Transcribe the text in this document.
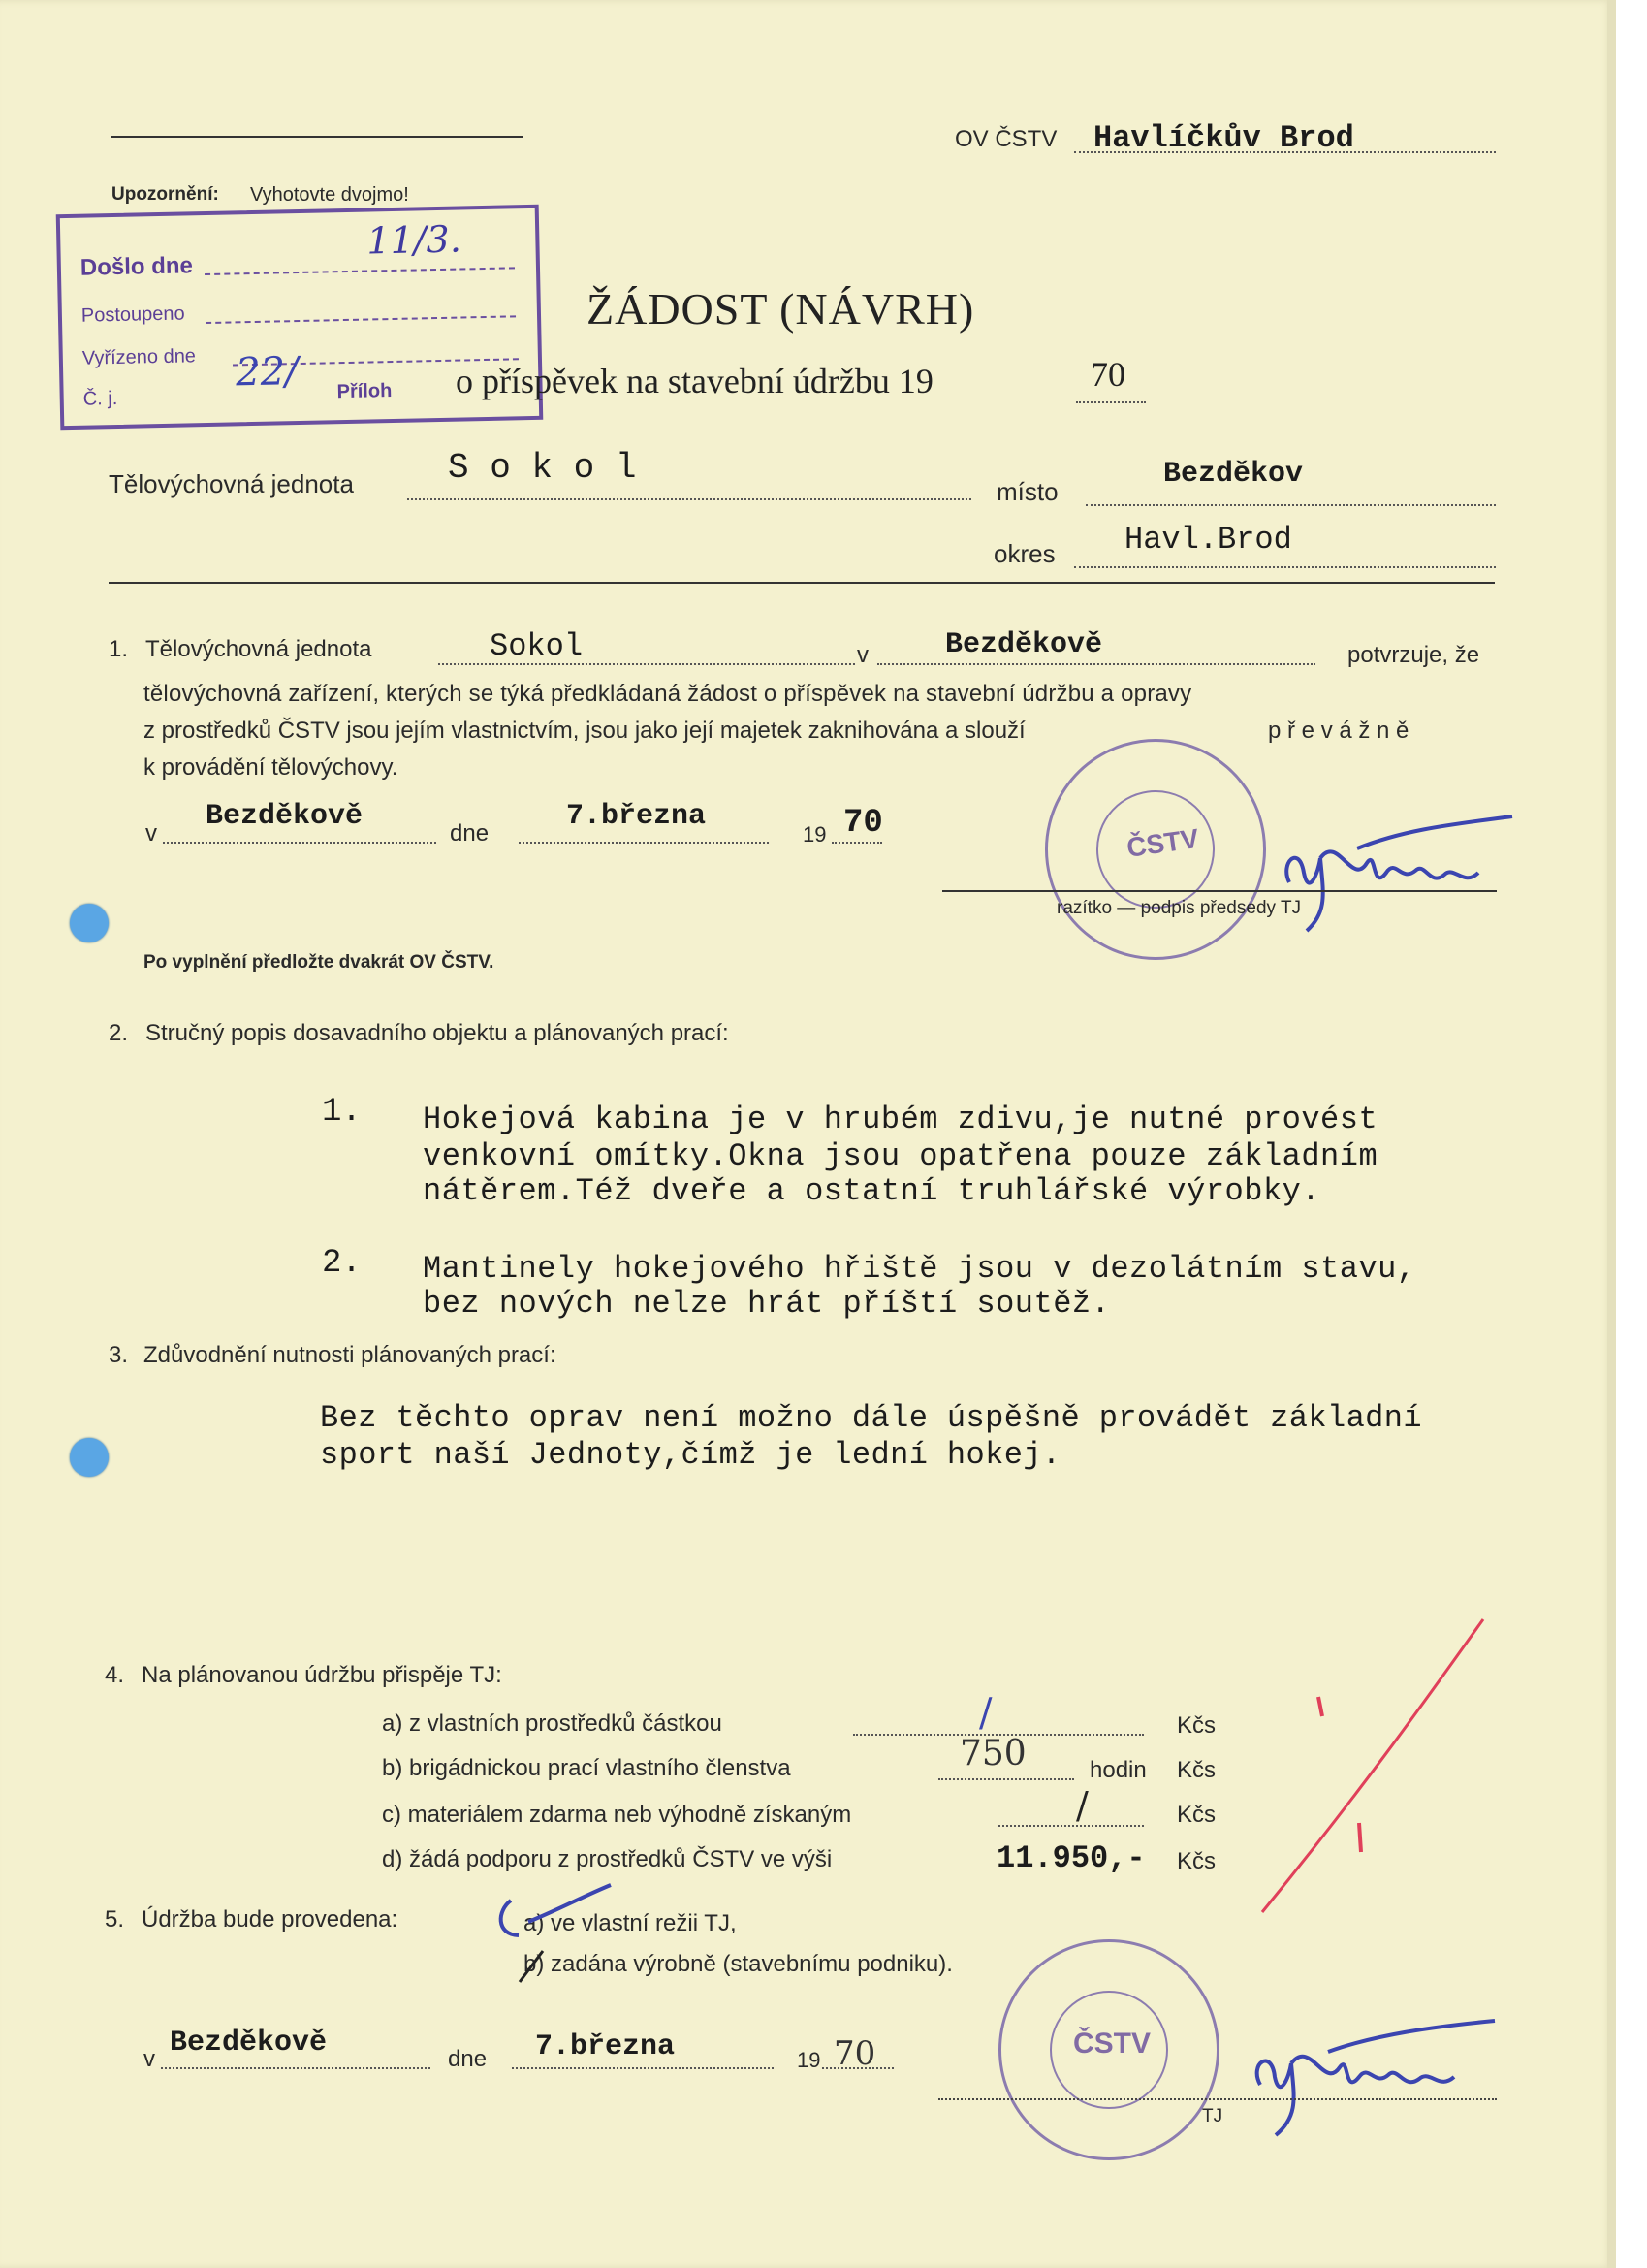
OV ČSTV Havlíčkův Brod
Upozornění: Vyhotovte dvojmo!
Došlo dne
11/3.
Postoupeno
Vyřízeno dne
Č. j.
22/ Příloh
ŽÁDOST (NÁVRH)
o příspěvek na stavební údržbu 19	70
Tělovýchovná jednota	S o k o l
místo
Bezděkov
okres Havl.Brod
1. Tělovýchovná jednota	Sokol	v	Bezděkově	potvrzuje, že
tělovýchovná zařízení, kterých se týká předkládaná žádost o příspěvek na stavební údržbu a opravy
z prostředků ČSTV jsou jejím vlastnictvím, jsou jako její majetek zaknihována a slouží	p ř e v á ž n ě
k provádění tělovýchovy.
v
Bezděkově
dne
7.března
19 70	ČSTV
razítko — podpis předsedy TJ
Po vyplnění předložte dvakrát OV ČSTV.
2. Stručný popis dosavadního objektu a plánovaných prací:
1. Hokejová kabina je v hrubém zdivu,je nutné provést
venkovní omítky.Okna jsou opatřena pouze základním
nátěrem.Též dveře a ostatní truhlářské výrobky.
2. Mantinely hokejového hřiště jsou v dezolátním stavu,
bez nových nelze hrát příští soutěž.
3. Zdůvodnění nutnosti plánovaných prací:
Bez těchto oprav není možno dále úspěšně provádět základní
sport naší Jednoty,čímž je lední hokej.
4. Na plánovanou údržbu přispěje TJ:
a) z vlastních prostředků částkou	/	Kčs
b) brigádnickou prací vlastního členstva	750	hodin Kčs
c) materiálem zdarma neb výhodně získaným	/	Kčs
d) žádá podporu z prostředků ČSTV ve výši	11.950,- Kčs
5. Údržba bude provedena:	a) ve vlastní režii TJ,
b) zadána výrobně (stavebnímu podniku).
v Bezděkově	dne 7.března	19 70	ČSTV
TJ
